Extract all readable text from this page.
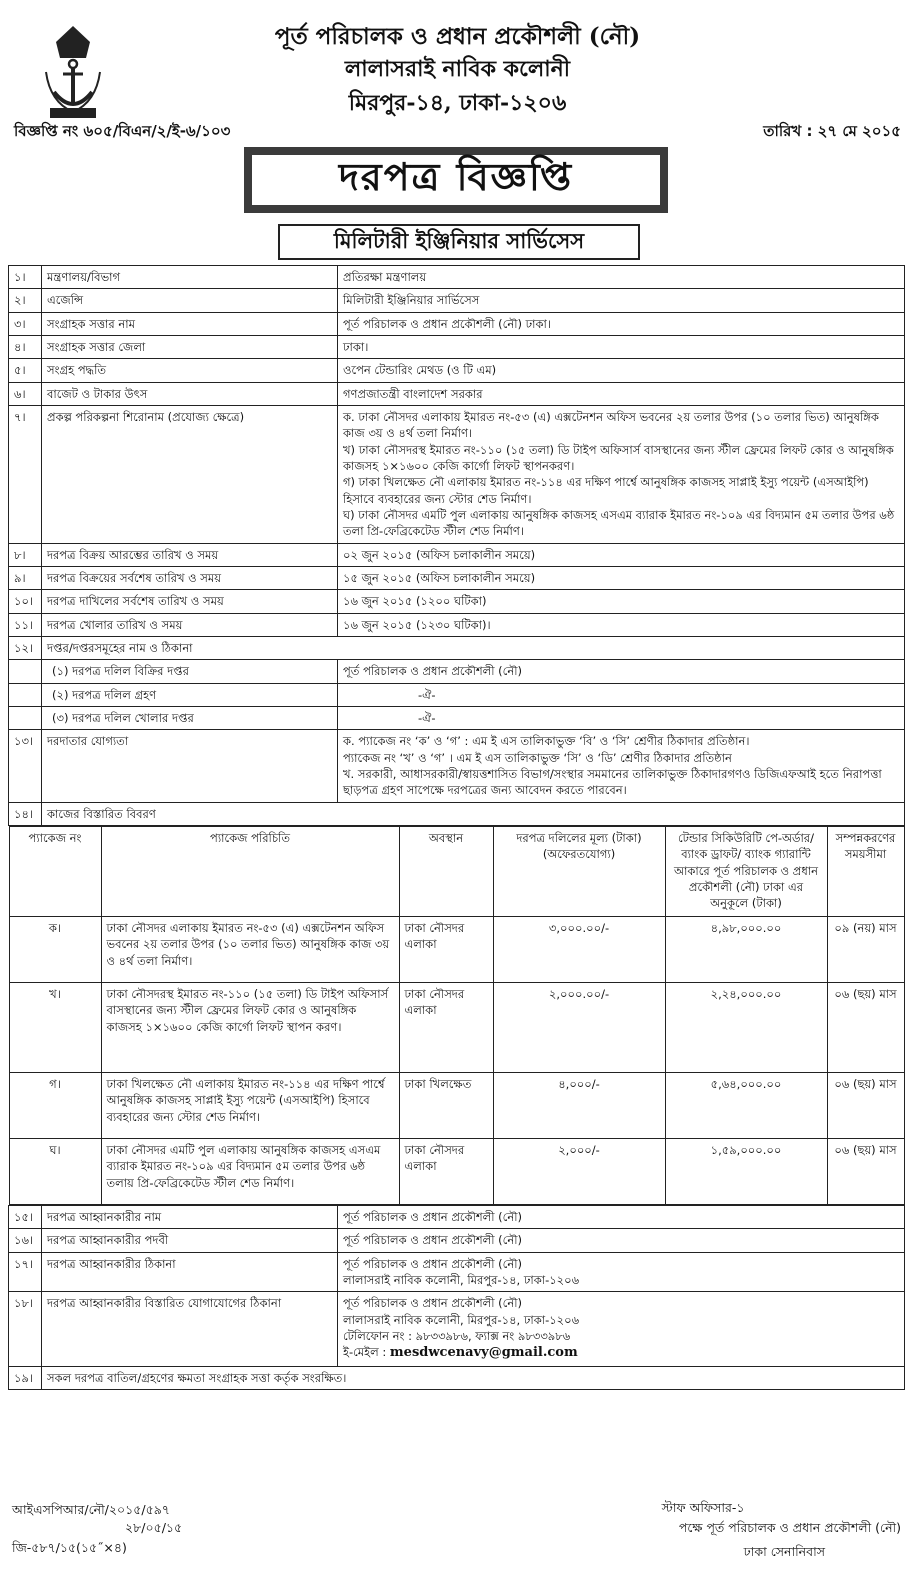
পূর্ত পরিচালক ও প্রধান প্রকৌশলী (নৌ)
লালাসরাই নাবিক কলোনী
মিরপুর-১৪, ঢাকা-১২০৬
বিজ্ঞপ্তি নং ৬০৫/বিএন/২/ই-৬/১০৩	তারিখ : ২৭ মে ২০১৫
দরপত্র বিজ্ঞপ্তি
মিলিটারী ইঞ্জিনিয়ার সার্ভিসেস
১।	মন্ত্রণালয়/বিভাগ	প্রতিরক্ষা মন্ত্রণালয়
২।	এজেন্সি	মিলিটারী ইঞ্জিনিয়ার সার্ভিসেস
৩।	সংগ্রাহক সত্তার নাম	পূর্ত পরিচালক ও প্রধান প্রকৌশলী (নৌ) ঢাকা।
৪।	সংগ্রাহক সত্তার জেলা	ঢাকা।
৫।	সংগ্রহ পদ্ধতি	ওপেন টেন্ডারিং মেথড (ও টি এম)
৬।	বাজেট ও টাকার উৎস	গণপ্রজাতন্ত্রী বাংলাদেশ সরকার
৭।	প্রকল্প পরিকল্পনা শিরোনাম (প্রযোজ্য ক্ষেত্রে)	ক. ঢাকা নৌসদর এলাকায় ইমারত নং-৫৩ (এ) এক্সটেনশন অফিস ভবনের ২য় তলার উপর (১০ তলার ভিত) আনুষঙ্গিক কাজ ৩য় ও ৪র্থ তলা নির্মাণ।
খ) ঢাকা নৌসদরস্থ ইমারত নং-১১০ (১৫ তলা) ডি টাইপ অফিসার্স বাসস্থানের জন্য স্টীল ফ্রেমের লিফট কোর ও আনুষঙ্গিক কাজসহ ১×১৬০০ কেজি কার্গো লিফট স্থাপনকরণ।
গ) ঢাকা খিলক্ষেত নৌ এলাকায় ইমারত নং-১১৪ এর দক্ষিণ পার্শ্বে আনুষঙ্গিক কাজসহ সাপ্লাই ইস্যু পয়েন্ট (এসআইপি) হিসাবে ব্যবহারের জন্য স্টোর শেড নির্মাণ।
ঘ) ঢাকা নৌসদর এমটি পুল এলাকায় আনুষঙ্গিক কাজসহ এসএম ব্যারাক ইমারত নং-১০৯ এর বিদ্যমান ৫ম তলার উপর ৬ষ্ঠ তলা প্রি-ফেব্রিকেটেড স্টীল শেড নির্মাণ।

৮।	দরপত্র বিক্রয় আরম্ভের তারিখ ও সময়	০২ জুন ২০১৫ (অফিস চলাকালীন সময়ে)
৯।	দরপত্র বিক্রয়ের সর্বশেষ তারিখ ও সময়	১৫ জুন ২০১৫ (অফিস চলাকালীন সময়ে)
১০।	দরপত্র দাখিলের সর্বশেষ তারিখ ও সময়	১৬ জুন ২০১৫ (১২০০ ঘটিকা)
১১।	দরপত্র খোলার তারিখ ও সময়	১৬ জুন ২০১৫ (১২৩০ ঘটিকা)।
১২।	দপ্তর/দপ্তরসমূহের নাম ও ঠিকানা
	(১) দরপত্র দলিল বিক্রির দপ্তর	পূর্ত পরিচালক ও প্রধান প্রকৌশলী (নৌ)
	(২) দরপত্র দলিল গ্রহণ	-ঐ-
	(৩) দরপত্র দলিল খোলার দপ্তর	-ঐ-
১৩।	দরদাতার যোগ্যতা	ক. প্যাকেজ নং ‘ক’ ও ‘গ’ : এম ই এস তালিকাভুক্ত ‘বি’ ও ‘সি’ শ্রেণীর ঠিকাদার প্রতিষ্ঠান।
প্যাকেজ নং ‘খ’ ও ‘গ’ । এম ই এস তালিকাভুক্ত ‘সি’ ও ‘ডি’ শ্রেণীর ঠিকাদার প্রতিষ্ঠান
খ. সরকারী, আধাসরকারী/স্বায়ত্তশাসিত বিভাগ/সংস্থার সমমানের তালিকাভুক্ত ঠিকাদারগণও ডিজিএফআই হতে নিরাপত্তা ছাড়পত্র গ্রহণ সাপেক্ষে দরপত্রের জন্য আবেদন করতে পারবেন।

১৪।	কাজের বিস্তারিত বিবরণ

প্যাকেজ নং	প্যাকেজ পরিচিতি	অবস্থান	দরপত্র দলিলের মূল্য (টাকা) (অফেরতযোগ্য)	টেন্ডার সিকিউরিটি পে-অর্ডার/ব্যাংক ড্রাফট/ ব্যাংক গ্যারান্টি আকারে পূর্ত পরিচালক ও প্রধান প্রকৌশলী (নৌ) ঢাকা এর অনুকূলে (টাকা)	সম্পন্নকরণের সময়সীমা
ক।	ঢাকা নৌসদর এলাকায় ইমারত নং-৫৩ (এ) এক্সটেনশন অফিস ভবনের ২য় তলার উপর (১০ তলার ভিত) আনুষঙ্গিক কাজ ৩য় ও ৪র্থ তলা নির্মাণ।	ঢাকা নৌসদর এলাকা	৩,০০০.০০/-	৪,৯৮,০০০.০০	০৯ (নয়) মাস
খ।	ঢাকা নৌসদরস্থ ইমারত নং-১১০ (১৫ তলা) ডি টাইপ অফিসার্স বাসস্থানের জন্য স্টীল ফ্রেমের লিফট কোর ও আনুষঙ্গিক কাজসহ ১×১৬০০ কেজি কার্গো লিফট স্থাপন করণ।	ঢাকা নৌসদর এলাকা	২,০০০.০০/-	২,২৪,০০০.০০	০৬ (ছয়) মাস
গ।	ঢাকা খিলক্ষেত নৌ এলাকায় ইমারত নং-১১৪ এর দক্ষিণ পার্শ্বে আনুষঙ্গিক কাজসহ সাপ্লাই ইস্যু পয়েন্ট (এসআইপি) হিসাবে ব্যবহারের জন্য স্টোর শেড নির্মাণ।	ঢাকা খিলক্ষেত	৪,০০০/-	৫,৬৪,০০০.০০	০৬ (ছয়) মাস
ঘ।	ঢাকা নৌসদর এমটি পুল এলাকায় আনুষঙ্গিক কাজসহ এসএম ব্যারাক ইমারত নং-১০৯ এর বিদ্যমান ৫ম তলার উপর ৬ষ্ঠ তলায় প্রি-ফেব্রিকেটেড স্টীল শেড নির্মাণ।	ঢাকা নৌসদর এলাকা	২,০০০/-	১,৫৯,০০০.০০	০৬ (ছয়) মাস

১৫।	দরপত্র আহ্বানকারীর নাম	পূর্ত পরিচালক ও প্রধান প্রকৌশলী (নৌ)
১৬।	দরপত্র আহ্বানকারীর পদবী	পূর্ত পরিচালক ও প্রধান প্রকৌশলী (নৌ)
১৭।	দরপত্র আহ্বানকারীর ঠিকানা	পূর্ত পরিচালক ও প্রধান প্রকৌশলী (নৌ)
লালাসরাই নাবিক কলোনী, মিরপুর-১৪, ঢাকা-১২০৬

১৮।	দরপত্র আহ্বানকারীর বিস্তারিত যোগাযোগের ঠিকানা	পূর্ত পরিচালক ও প্রধান প্রকৌশলী (নৌ)
লালাসরাই নাবিক কলোনী, মিরপুর-১৪, ঢাকা-১২০৬
টেলিফোন নং : ৯৮৩৩৯৮৬, ফ্যাক্স নং ৯৮৩৩৯৮৬
ই-মেইল : mesdwcenavy@gmail.com

১৯।	সকল দরপত্র বাতিল/গ্রহণের ক্ষমতা সংগ্রাহক সত্তা কর্তৃক সংরক্ষিত।
আইএসপিআর/নৌ/২০১৫/৫৯৭
২৮/০৫/১৫
জি-৫৮৭/১৫(১৫˝×৪)
স্টাফ অফিসার-১
পক্ষে পূর্ত পরিচালক ও প্রধান প্রকৌশলী (নৌ)
ঢাকা সেনানিবাস
